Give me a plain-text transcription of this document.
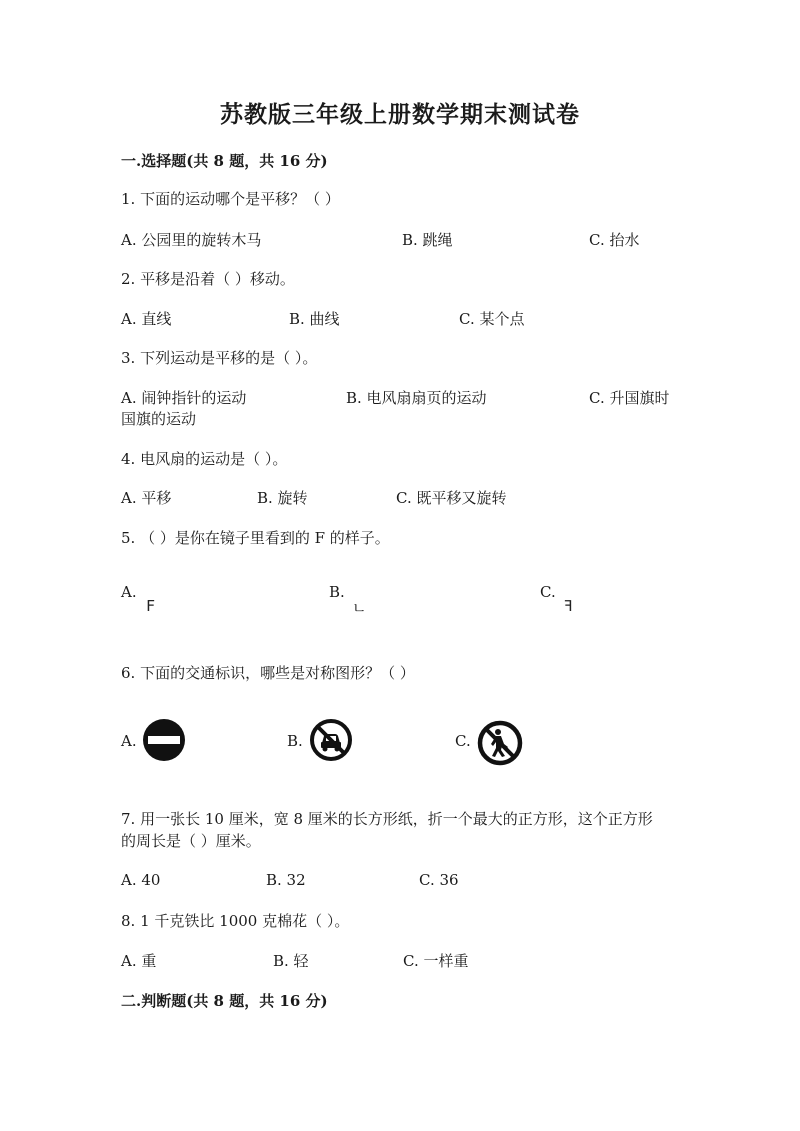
苏教版三年级上册数学期末测试卷
一.选择题(共 8 题，共 16 分)
1. 下面的运动哪个是平移？（ ）
A. 公园里的旋转木马	B. 跳绳	C. 抬水
2. 平移是沿着（ ）移动。
A. 直线	B. 曲线	C. 某个点
3. 下列运动是平移的是（ ）。
A. 闹钟指针的运动	B. 电风扇扇页的运动	C. 升国旗时
国旗的运动
4. 电风扇的运动是（ ）。
A. 平移	B. 旋转	C. 既平移又旋转
5. （ ）是你在镜子里看到的 F 的样子。
A.
F
B.
ㄴ
C.
ꟻ
6. 下面的交通标识，哪些是对称图形？（ ）
A.	B.	C.
7. 用一张长 10 厘米，宽 8 厘米的长方形纸，折一个最大的正方形，这个正方形
的周长是（ ）厘米。
A. 40	B. 32	C. 36
8. 1 千克铁比 1000 克棉花（ ）。
A. 重	B. 轻	C. 一样重
二.判断题(共 8 题，共 16 分)
